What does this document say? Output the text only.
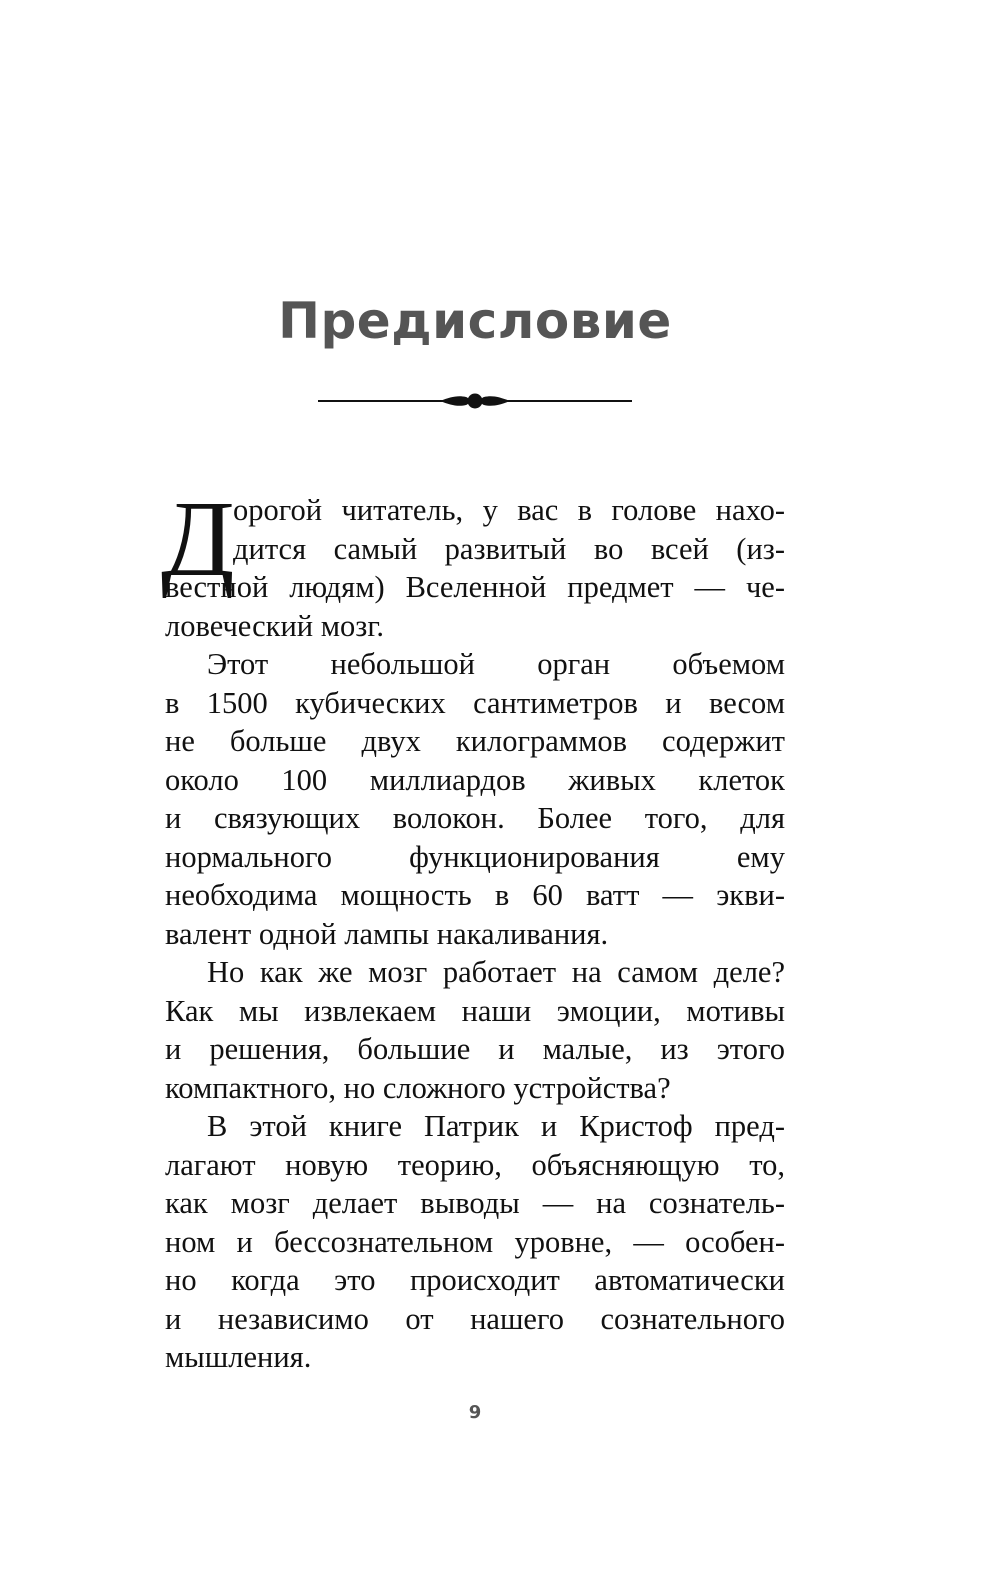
Предисловие
Д
орогой читатель, у вас в голове нахо-
дится самый развитый во всей (из-
вестной людям) Вселенной предмет — че-
ловеческий мозг.
Этот небольшой орган объемом
в 1500 кубических сантиметров и весом
не больше двух килограммов содержит
около 100 миллиардов живых клеток
и связующих волокон. Более того, для
нормального функционирования ему
необходима мощность в 60 ватт — экви-
валент одной лампы накаливания.
Но как же мозг работает на самом деле?
Как мы извлекаем наши эмоции, мотивы
и решения, большие и малые, из этого
компактного, но сложного устройства?
В этой книге Патрик и Кристоф пред-
лагают новую теорию, объясняющую то,
как мозг делает выводы — на сознатель-
ном и бессознательном уровне, — особен-
но когда это происходит автоматически
и независимо от нашего сознательного
мышления.
9
